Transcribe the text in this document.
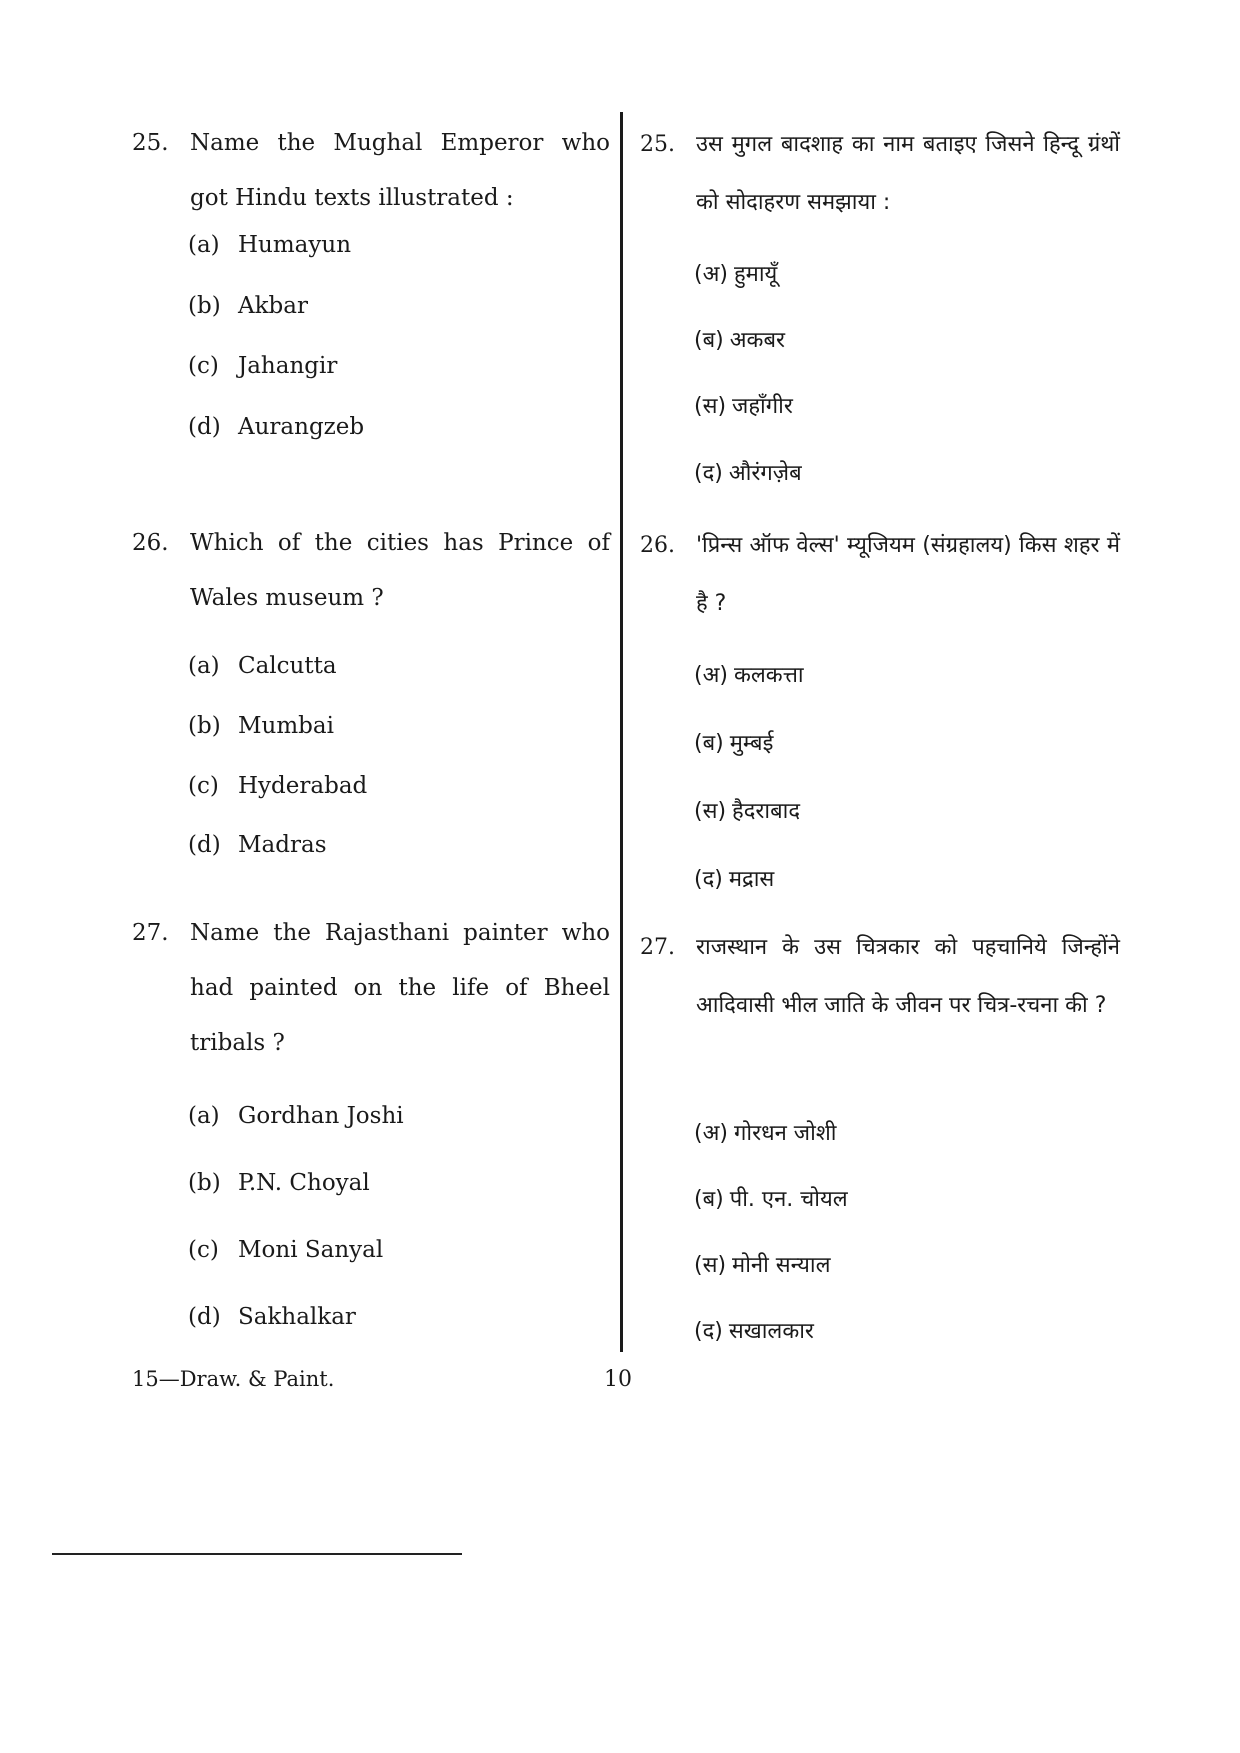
25. Name the Mughal Emperor who got Hindu texts illustrated :
(a) Humayun
(b) Akbar
(c) Jahangir
(d) Aurangzeb
26. Which of the cities has Prince of Wales museum ?
(a) Calcutta
(b) Mumbai
(c) Hyderabad
(d) Madras
27. Name the Rajasthani painter who had painted on the life of Bheel tribals ?
(a) Gordhan Joshi
(b) P.N. Choyal
(c) Moni Sanyal
(d) Sakhalkar
25. उस मुगल बादशाह का नाम बताइए जिसने हिन्दू ग्रंथों को सोदाहरण समझाया :
(अ) हुमायूँ
(ब) अकबर
(स) जहाँगीर
(द) औरंगज़ेब
26. 'प्रिन्स ऑफ वेल्स' म्यूजियम (संग्रहालय) किस शहर में है ?
(अ) कलकत्ता
(ब) मुम्बई
(स) हैदराबाद
(द) मद्रास
27. राजस्थान के उस चित्रकार को पहचानिये जिन्होंने आदिवासी भील जाति के जीवन पर चित्र-रचना की ?
(अ) गोरधन जोशी
(ब) पी. एन. चोयल
(स) मोनी सन्याल
(द) सखालकार
15—Draw. & Paint.	10
